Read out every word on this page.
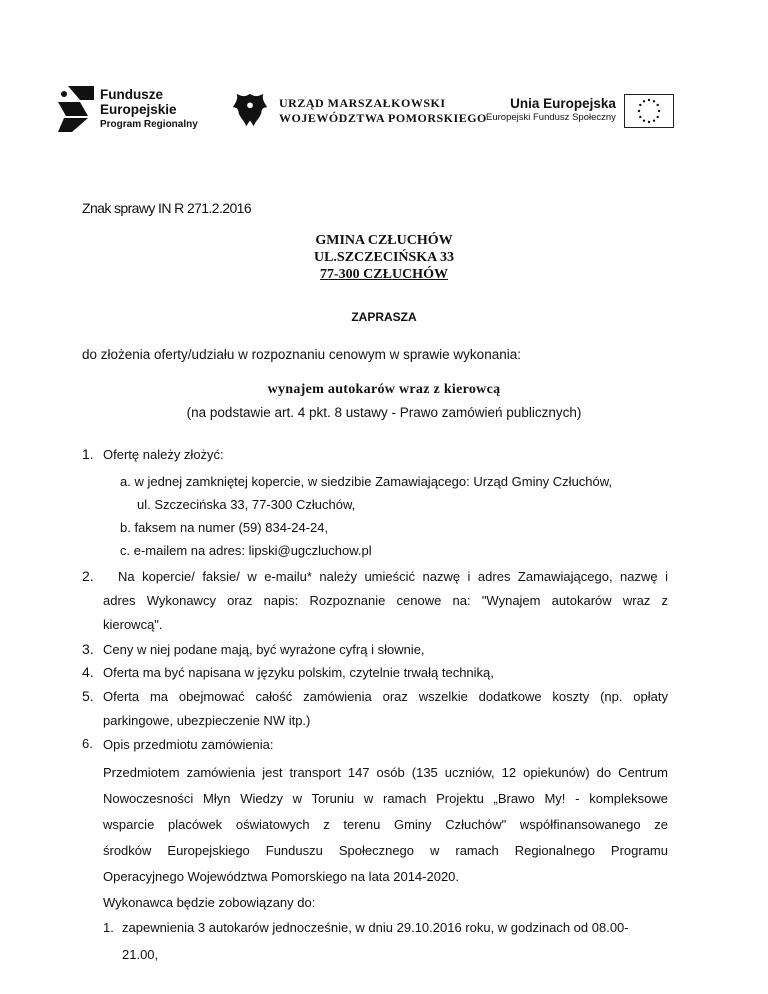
Fundusze
Europejskie
Program Regionalny
URZĄD MARSZAŁKOWSKI
WOJEWÓDZTWA POMORSKIEGO
Unia Europejska
Europejski Fundusz Społeczny
Znak sprawy IN R 271.2.2016
GMINA CZŁUCHÓW
UL.SZCZECIŃSKA 33
77-300 CZŁUCHÓW
ZAPRASZA
do złożenia oferty/udziału w rozpoznaniu cenowym w sprawie wykonania:
wynajem autokarów wraz z kierowcą
(na podstawie art. 4 pkt. 8 ustawy - Prawo zamówień publicznych)
1. Ofertę należy złożyć:
a. w jednej zamkniętej kopercie, w siedzibie Zamawiającego: Urząd Gminy Człuchów,
ul. Szczecińska 33, 77-300 Człuchów,
b. faksem na numer (59) 834-24-24,
c. e-mailem na adres: lipski@ugczluchow.pl
2. Na kopercie/ faksie/ w e-mailu* należy umieścić nazwę i adres Zamawiającego, nazwę i
adres Wykonawcy oraz napis: Rozpoznanie cenowe na: "Wynajem autokarów wraz z
kierowcą".
3. Ceny w niej podane mają, być wyrażone cyfrą i słownie,
4. Oferta ma być napisana w języku polskim, czytelnie trwałą techniką,
5. Oferta ma obejmować całość zamówienia oraz wszelkie dodatkowe koszty (np. opłaty
parkingowe, ubezpieczenie NW itp.)
6. Opis przedmiotu zamówienia:
Przedmiotem zamówienia jest transport 147 osób (135 uczniów, 12 opiekunów) do Centrum
Nowoczesności Młyn Wiedzy w Toruniu w ramach Projektu „Brawo My! - kompleksowe
wsparcie placówek oświatowych z terenu Gminy Człuchów" współfinansowanego ze
środków Europejskiego Funduszu Społecznego w ramach Regionalnego Programu
Operacyjnego Województwa Pomorskiego na lata 2014-2020.
Wykonawca będzie zobowiązany do:
1. zapewnienia 3 autokarów jednocześnie, w dniu 29.10.2016 roku, w godzinach od 08.00-
21.00,
